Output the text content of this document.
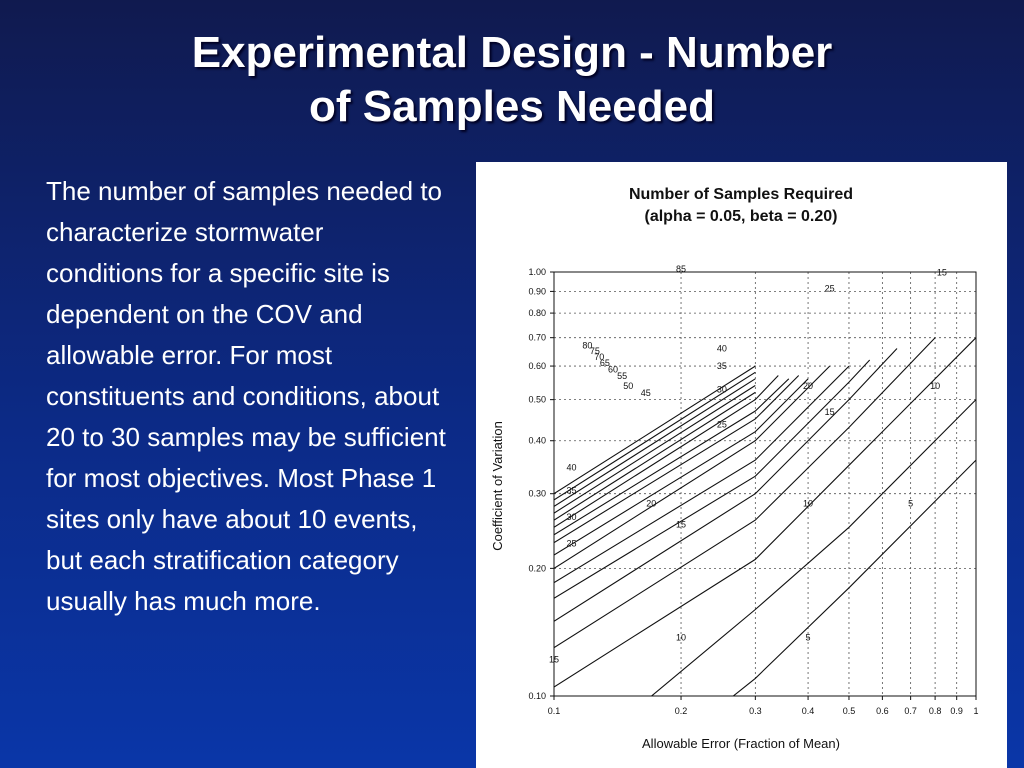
Experimental Design - Number
of Samples Needed
The number of samples needed to characterize stormwater conditions for a specific site is dependent on the COV and allowable error. For most constituents and conditions, about 20 to 30 samples may be sufficient for most objectives. Most Phase 1 sites only have about 10 events, but each stratification category usually has much more.
Number of Samples Required
(alpha = 0.05, beta = 0.20)
85
80
75
70
65
60
55
50
45
40
35
30
25
15
40
35
30
25
20
15
10
25
20
15
10
5
15
10
5
0.1	0.2	0.3	0.4	0.5 0.6 0.7 0.8 0.9 1
0.10
0.20
0.30
0.40
0.50
0.60
0.70
0.80
0.90
1.00
Allowable Error (Fraction of Mean)
Coefficient of Variation
